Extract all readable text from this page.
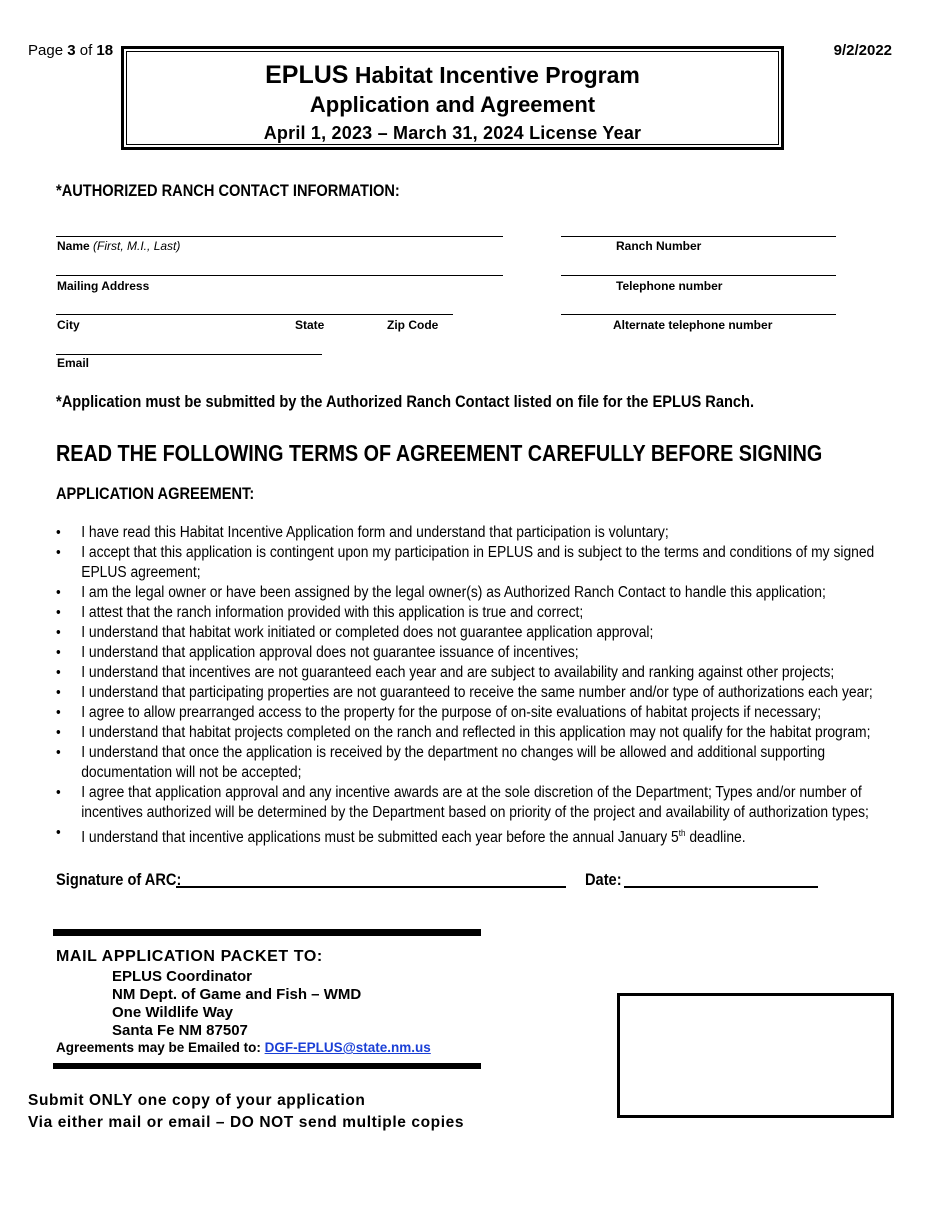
Page 3 of 18	9/2/2022
EPLUS Habitat Incentive Program
Application and Agreement
April 1, 2023 – March 31, 2024 License Year
*AUTHORIZED RANCH CONTACT INFORMATION:
Name (First, M.I., Last)	Ranch Number
Mailing Address	Telephone number
City	State	Zip Code	Alternate telephone number
Email
*Application must be submitted by the Authorized Ranch Contact listed on file for the EPLUS Ranch.
READ THE FOLLOWING TERMS OF AGREEMENT CAREFULLY BEFORE SIGNING
APPLICATION AGREEMENT:
• I have read this Habitat Incentive Application form and understand that participation is voluntary;
• I accept that this application is contingent upon my participation in EPLUS and is subject to the terms and conditions of my signed EPLUS agreement;
• I am the legal owner or have been assigned by the legal owner(s) as Authorized Ranch Contact to handle this application;
• I attest that the ranch information provided with this application is true and correct;
• I understand that habitat work initiated or completed does not guarantee application approval;
• I understand that application approval does not guarantee issuance of incentives;
• I understand that incentives are not guaranteed each year and are subject to availability and ranking against other projects;
• I understand that participating properties are not guaranteed to receive the same number and/or type of authorizations each year;
• I agree to allow prearranged access to the property for the purpose of on-site evaluations of habitat projects if necessary;
• I understand that habitat projects completed on the ranch and reflected in this application may not qualify for the habitat program;
• I understand that once the application is received by the department no changes will be allowed and additional supporting documentation will not be accepted;
• I agree that application approval and any incentive awards are at the sole discretion of the Department; Types and/or number of incentives authorized will be determined by the Department based on priority of the project and availability of authorization types;
• I understand that incentive applications must be submitted each year before the annual January 5th deadline.
Signature of ARC:	Date:
MAIL APPLICATION PACKET TO:
EPLUS Coordinator
NM Dept. of Game and Fish – WMD
One Wildlife Way
Santa Fe NM 87507
Agreements may be Emailed to: DGF-EPLUS@state.nm.us
Submit ONLY one copy of your application
Via either mail or email – DO NOT send multiple copies
